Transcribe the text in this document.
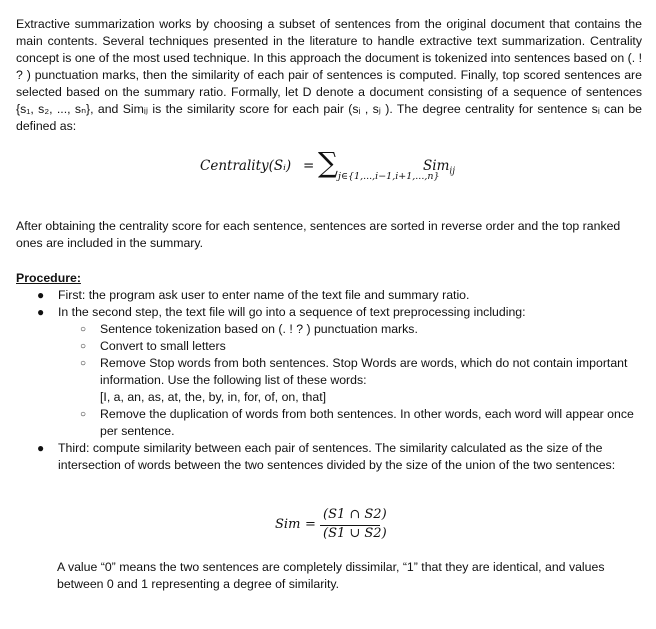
Extractive summarization works by choosing a subset of sentences from the original document that contains the main contents. Several techniques presented in the literature to handle extractive text summarization. Centrality concept is one of the most used technique. In this approach the document is tokenized into sentences based on (. ! ? ) punctuation marks, then the similarity of each pair of sentences is computed. Finally, top scored sentences are selected based on the summary ratio. Formally, let D denote a document consisting of a sequence of sentences {s₁, s₂, ..., sₙ}, and Simᵢⱼ is the similarity score for each pair (sᵢ , sⱼ ). The degree centrality for sentence sᵢ can be defined as:

Centrality(Sᵢ) = ∑ j∈{1,...,i−1,i+1,...,n}
Sim$_{ij}$

After obtaining the centrality score for each sentence, sentences are sorted in reverse order and the top ranked ones are included in the summary.

Procedure:

● First: the program ask user to enter name of the text file and summary ratio.
● In the second step, the text file will go into a sequence of text preprocessing including:
○ Sentence tokenization based on (. ! ? ) punctuation marks.
○ Convert to small letters
○ Remove Stop words from both sentences. Stop Words are words, which do not contain important information. Use the following list of these words:
[I, a, an, as, at, the, by, in, for, of, on, that]
○ Remove the duplication of words from both sentences. In other words, each word will appear once per sentence.
● Third: compute similarity between each pair of sentences. The similarity calculated as the size of the intersection of words between the two sentences divided by the size of the union of the two sentences:
Sim =
(S1 ∩ S2)
(S1 ∪ S2)

A value “0” means the two sentences are completely dissimilar, “1” that they are identical, and values between 0 and 1 representing a degree of similarity.
